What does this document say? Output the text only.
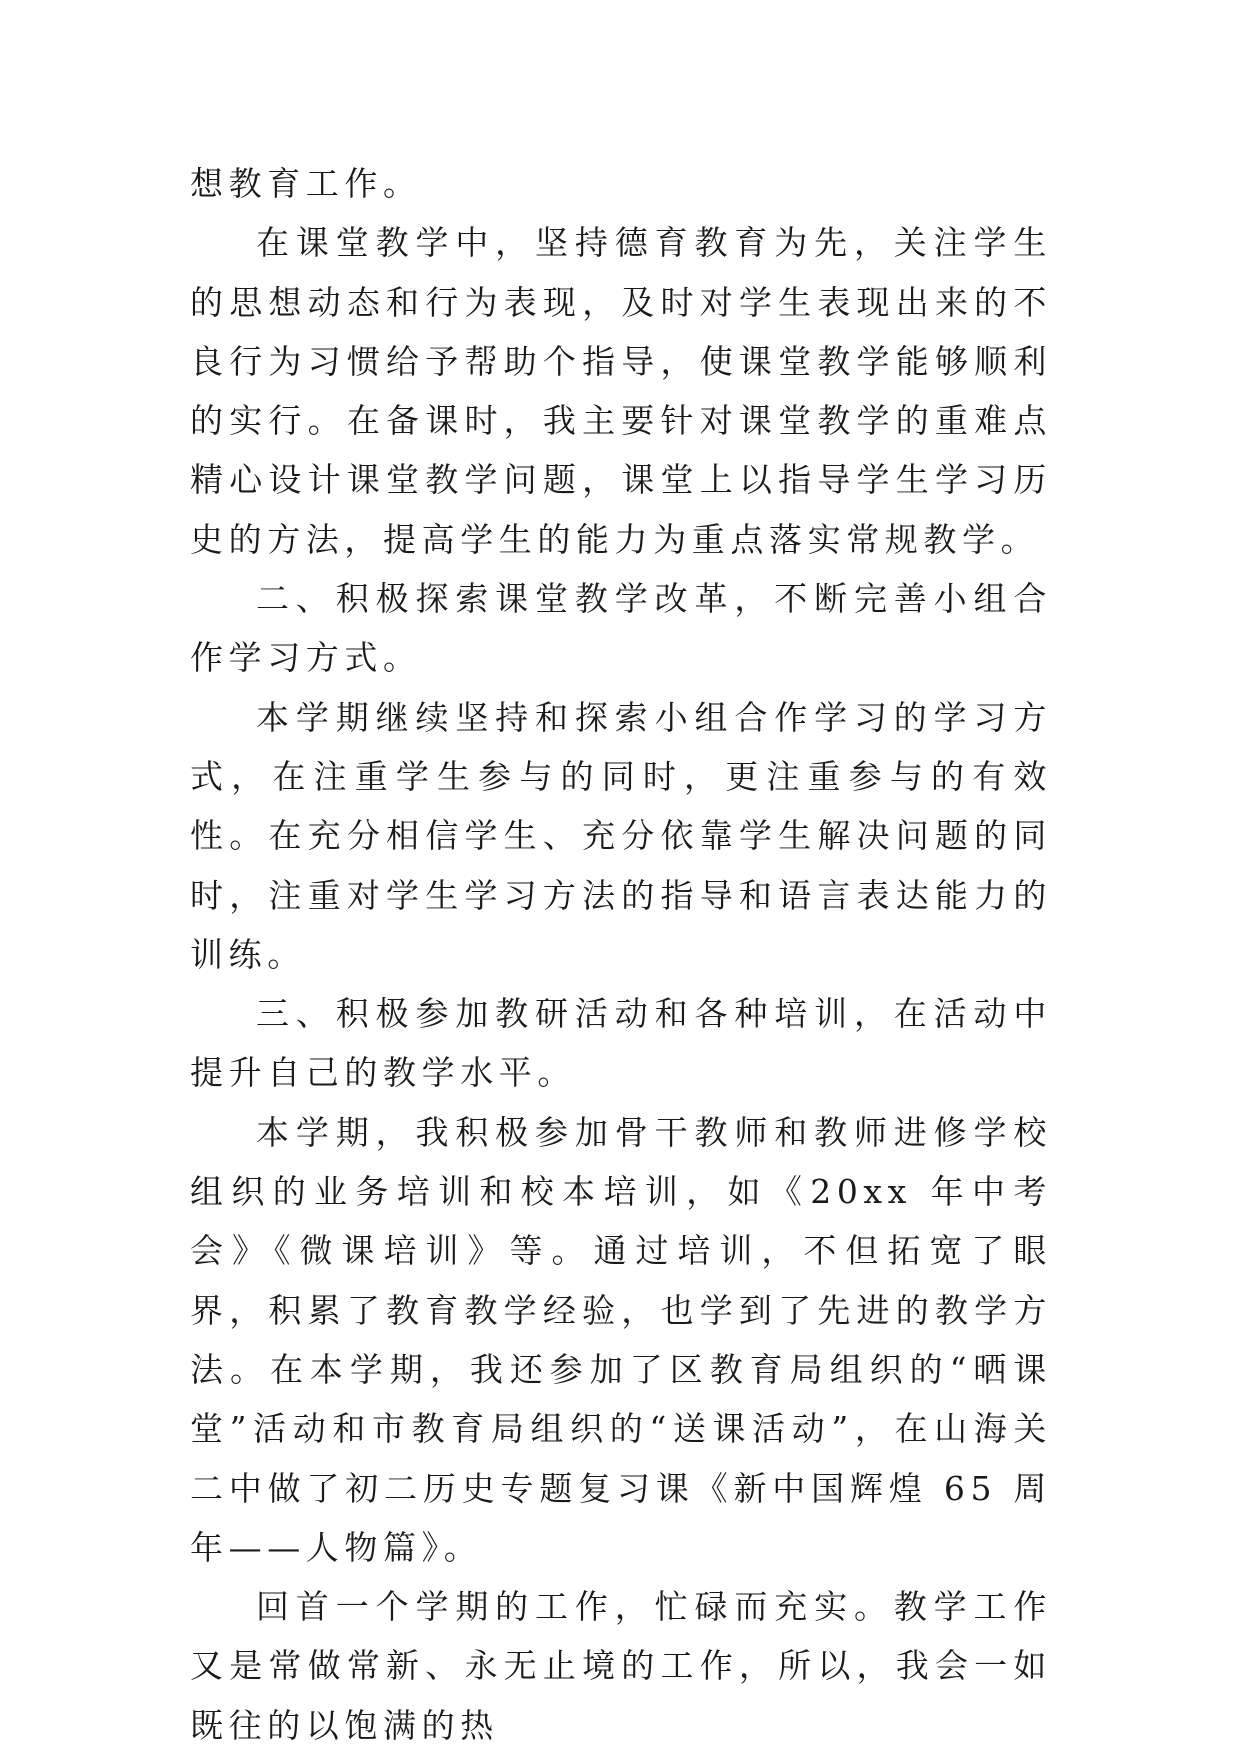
想教育工作。

在课堂教学中，坚持德育教育为先，关注学生的思想动态和行为表现，及时对学生表现出来的不良行为习惯给予帮助个指导，使课堂教学能够顺利的实行。在备课时，我主要针对课堂教学的重难点精心设计课堂教学问题，课堂上以指导学生学习历史的方法，提高学生的能力为重点落实常规教学。

二、积极探索课堂教学改革，不断完善小组合作学习方式。

本学期继续坚持和探索小组合作学习的学习方式，在注重学生参与的同时，更注重参与的有效性。在充分相信学生、充分依靠学生解决问题的同时，注重对学生学习方法的指导和语言表达能力的训练。

三、积极参加教研活动和各种培训，在活动中提升自己的教学水平。

本学期，我积极参加骨干教师和教师进修学校组织的业务培训和校本培训，如《20xx 年中考会》《微课培训》等。通过培训，不但拓宽了眼界，积累了教育教学经验，也学到了先进的教学方法。在本学期，我还参加了区教育局组织的“晒课堂”活动和市教育局组织的“送课活动”，在山海关二中做了初二历史专题复习课《新中国辉煌 65 周年——人物篇》。

回首一个学期的工作，忙碌而充实。教学工作又是常做常新、永无止境的工作，所以，我会一如既往的以饱满的热
